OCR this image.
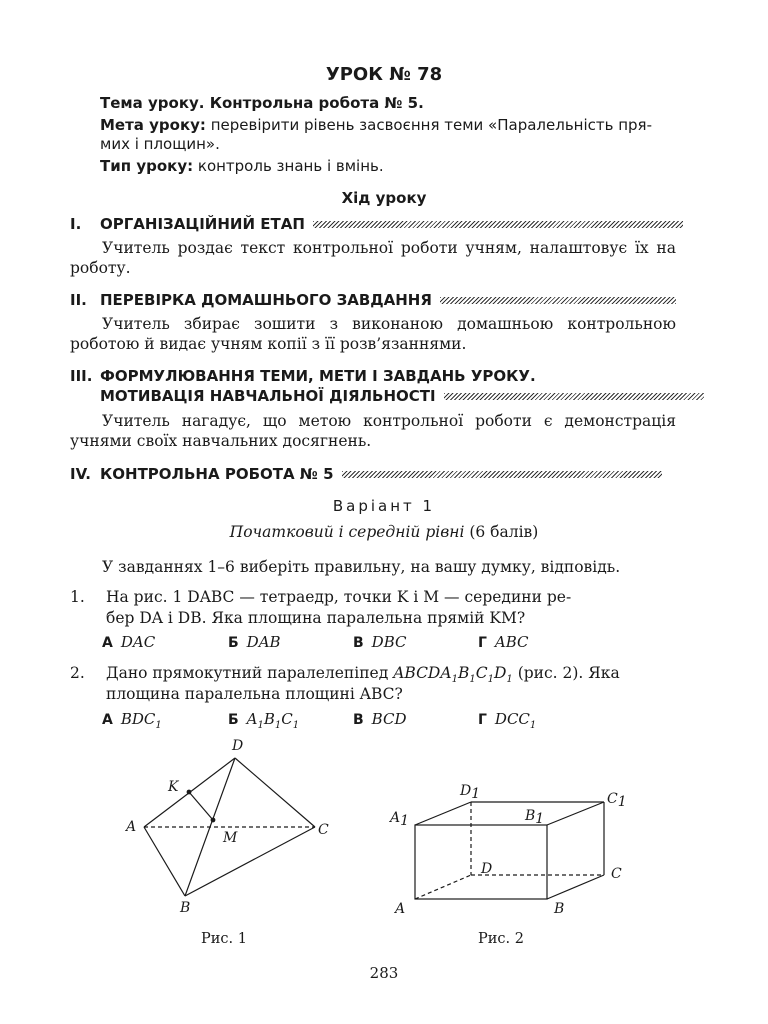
УРОК № 78
Тема уроку. Контрольна робота № 5.
Мета уроку: перевірити рівень засвоєння теми «Паралельність пря-
мих і площин».
Тип уроку: контроль знань і вмінь.
Хід уроку
I.	ОРГАНІЗАЦІЙНИЙ ЕТАП

Учитель роздає текст контрольної роботи учням, налаштовує їх на роботу.

II. ПЕРЕВІРКА ДОМАШНЬОГО ЗАВДАННЯ

Учитель збирає зошити з виконаною домашньою контрольною роботою й видає учням копії з її розв’язаннями.

III. ФОРМУЛЮВАННЯ ТЕМИ, МЕТИ І ЗАВДАНЬ УРОКУ.
МОТИВАЦІЯ НАВЧАЛЬНОЇ ДІЯЛЬНОСТІ

Учитель нагадує, що метою контрольної роботи є демонстрація учнями своїх навчальних досягнень.

IV. КОНТРОЛЬНА РОБОТА № 5
Варіант 1
Початковий і середній рівні (6 балів)
У завданнях 1–6 виберіть правильну, на вашу думку, відповідь.
1. На рис. 1 DABC — тетраедр, точки K і M — середини ре-
бер DA і DB. Яка площина паралельна прямій KM?
А DAC	Б DAB	В DBC	Г ABC
2. Дано прямокутний паралелепіпед $ABCDA_1B_1C_1D_1$ (рис. 2). Яка
площина паралельна площині ABC?
А $BDC_1$	Б $A_1B_1C_1$	В BCD	Г $DCC_1$
D
K
A
M	C
B
D1	C1
A1	B1
D
A	B
C
Рис. 1	Рис. 2
283
